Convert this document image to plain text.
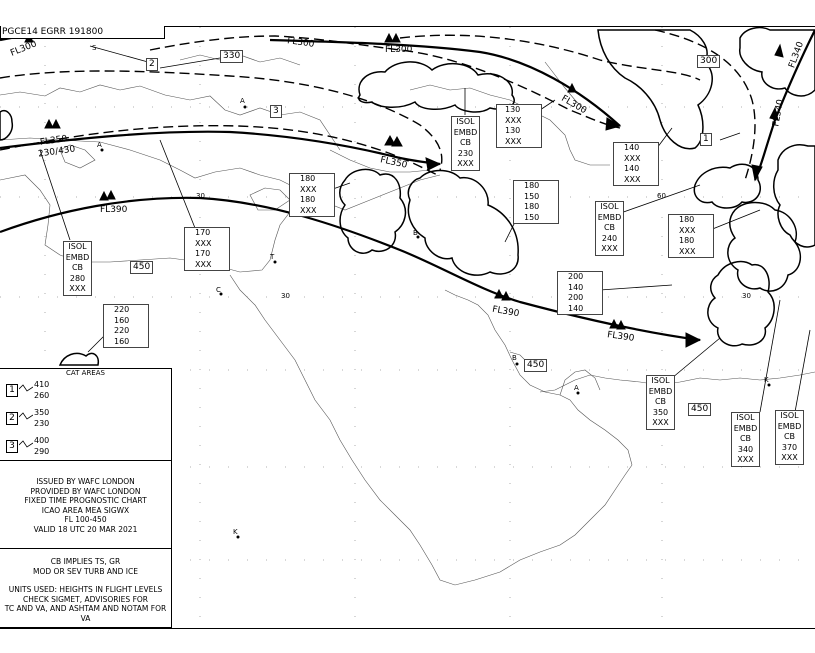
PGCE14 EGRR 191800
FL300	FL300
FL300
FL300
FL350
230/430
FL350
FL390
FL390
FL390
FL340
FL340
330	300
450
450
450
2
3
1
ISOL
EMBD
CB
230
XXX
ISOL
EMBD
CB
280
XXX
ISOL
EMBD
CB
240
XXX
ISOL
EMBD
CB
350
XXX
ISOL
EMBD
CB
340
XXX
ISOL
EMBD
CB
370
XXX
130
XXX
130
XXX
180
XXX
180
XXX
170
XXX
170
XXX
180
150
180
150
140
XXX
140
XXX
180
XXX
180
XXX
200
140
200
140
220
160
220
160
30
30	30
60
A
A
A
B
B
C
T
K
K
S
CAT AREAS
1
410
260
2
350
230
3
400
290
ISSUED BY WAFC LONDON
PROVIDED BY WAFC LONDON
FIXED TIME PROGNOSTIC CHART
ICAO AREA MEA SIGWX
FL 100-450
VALID 18 UTC 20 MAR 2021
CB IMPLIES TS, GR
MOD OR SEV TURB AND ICE
UNITS USED: HEIGHTS IN FLIGHT LEVELS
CHECK SIGMET, ADVISORIES FOR
TC AND VA, AND ASHTAM AND NOTAM FOR VA
